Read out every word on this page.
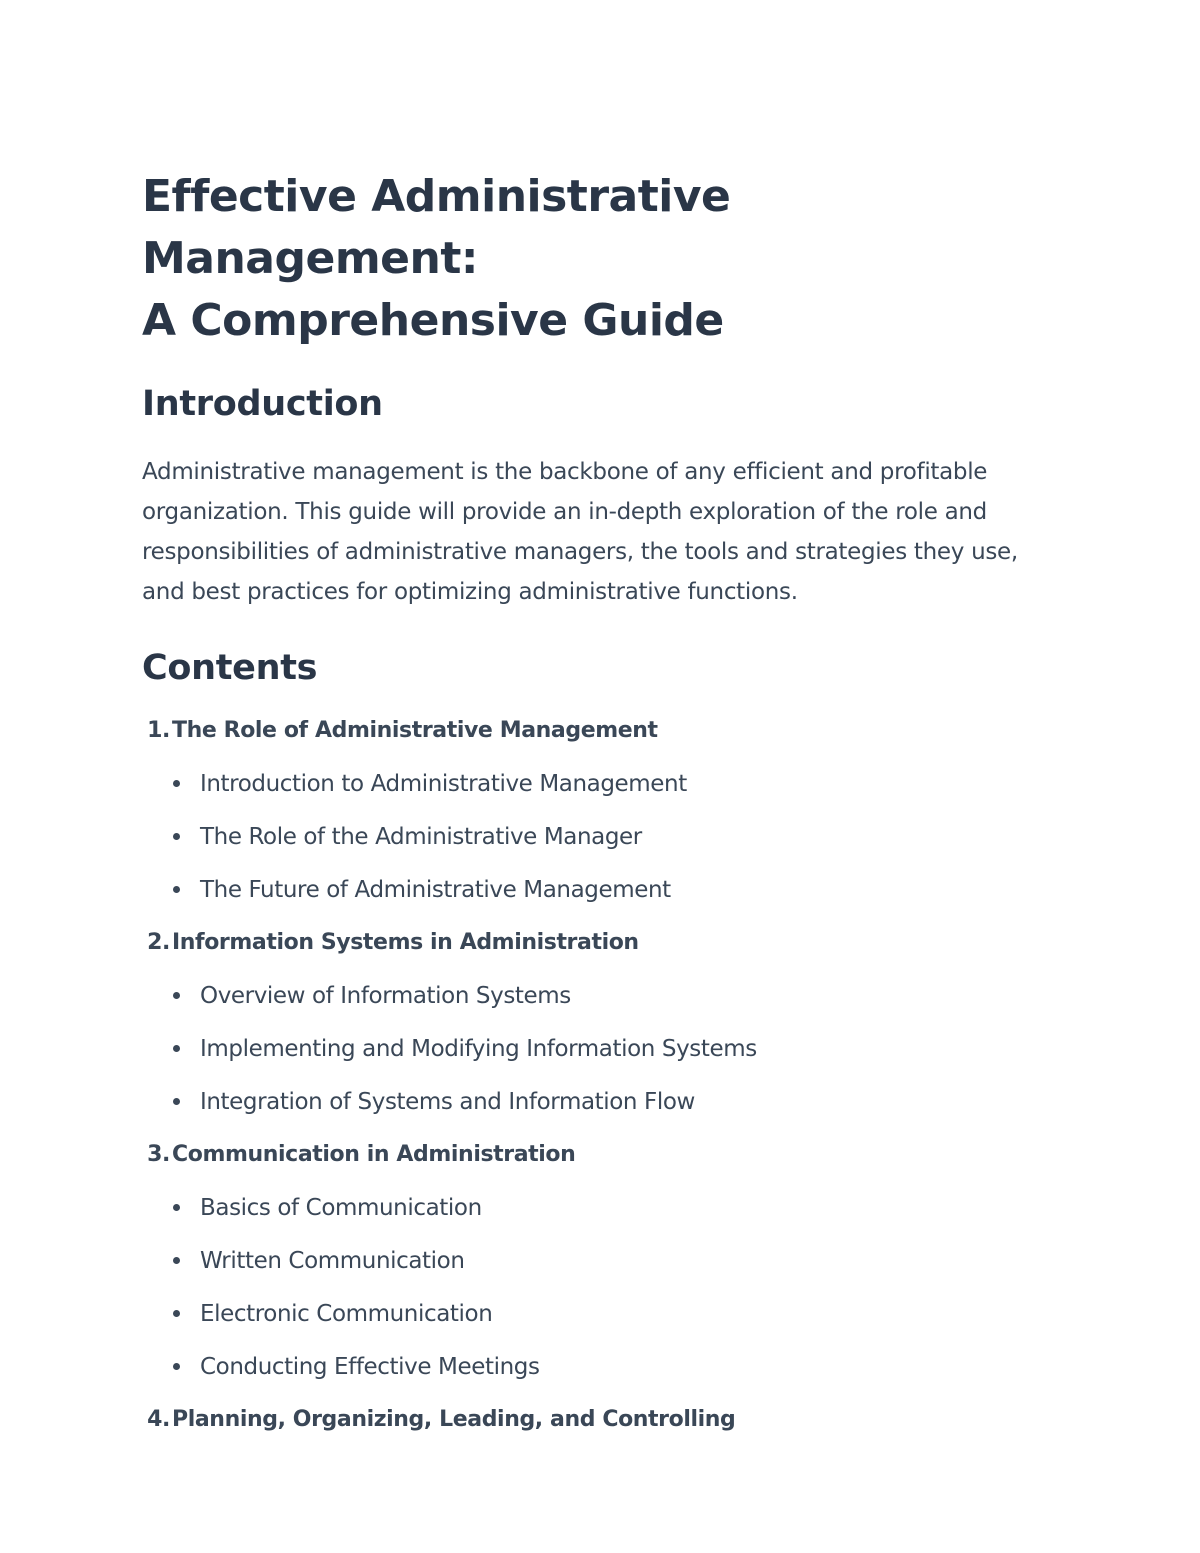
Effective Administrative Management:
A Comprehensive Guide
Introduction

Administrative management is the backbone of any efficient and profitable organization. This guide will provide an in-depth exploration of the role and responsibilities of administrative managers, the tools and strategies they use, and best practices for optimizing administrative functions.

Contents
1. The Role of Administrative Management
Introduction to Administrative Management
The Role of the Administrative Manager
The Future of Administrative Management
2. Information Systems in Administration
Overview of Information Systems
Implementing and Modifying Information Systems
Integration of Systems and Information Flow
3. Communication in Administration
Basics of Communication
Written Communication
Electronic Communication
Conducting Effective Meetings
4. Planning, Organizing, Leading, and Controlling
